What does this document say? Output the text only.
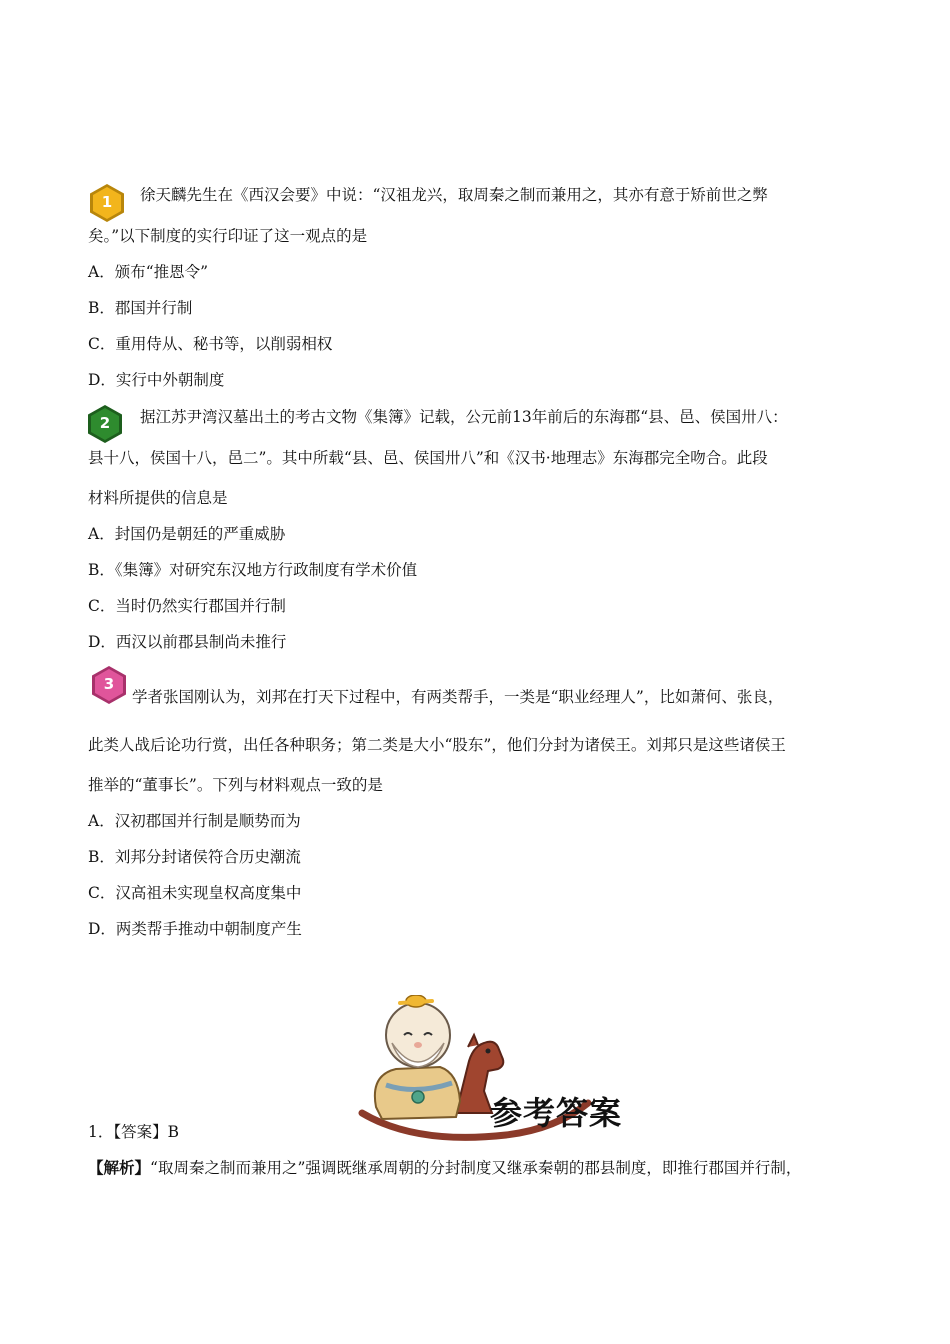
1	徐天麟先生在《西汉会要》中说：“汉祖龙兴，取周秦之制而兼用之，其亦有意于矫前世之弊
矣。”以下制度的实行印证了这一观点的是
A．颁布“推恩令”
B．郡国并行制
C．重用侍从、秘书等，以削弱相权
D．实行中外朝制度
2	据江苏尹湾汉墓出土的考古文物《集簿》记载，公元前13年前后的东海郡“县、邑、侯国卅八：
县十八，侯国十八，邑二”。其中所载“县、邑、侯国卅八”和《汉书·地理志》东海郡完全吻合。此段
材料所提供的信息是
A．封国仍是朝廷的严重威胁
B．《集簿》对研究东汉地方行政制度有学术价值
C．当时仍然实行郡国并行制
D．西汉以前郡县制尚未推行
3
学者张国刚认为，刘邦在打天下过程中，有两类帮手，一类是“职业经理人”，比如萧何、张良，
此类人战后论功行赏，出任各种职务；第二类是大小“股东”，他们分封为诸侯王。刘邦只是这些诸侯王
推举的“董事长”。下列与材料观点一致的是
A．汉初郡国并行制是顺势而为
B．刘邦分封诸侯符合历史潮流
C．汉高祖未实现皇权高度集中
D．两类帮手推动中朝制度产生
参考答案
1．【答案】B
【解析】“取周秦之制而兼用之”强调既继承周朝的分封制度又继承秦朝的郡县制度，即推行郡国并行制，
